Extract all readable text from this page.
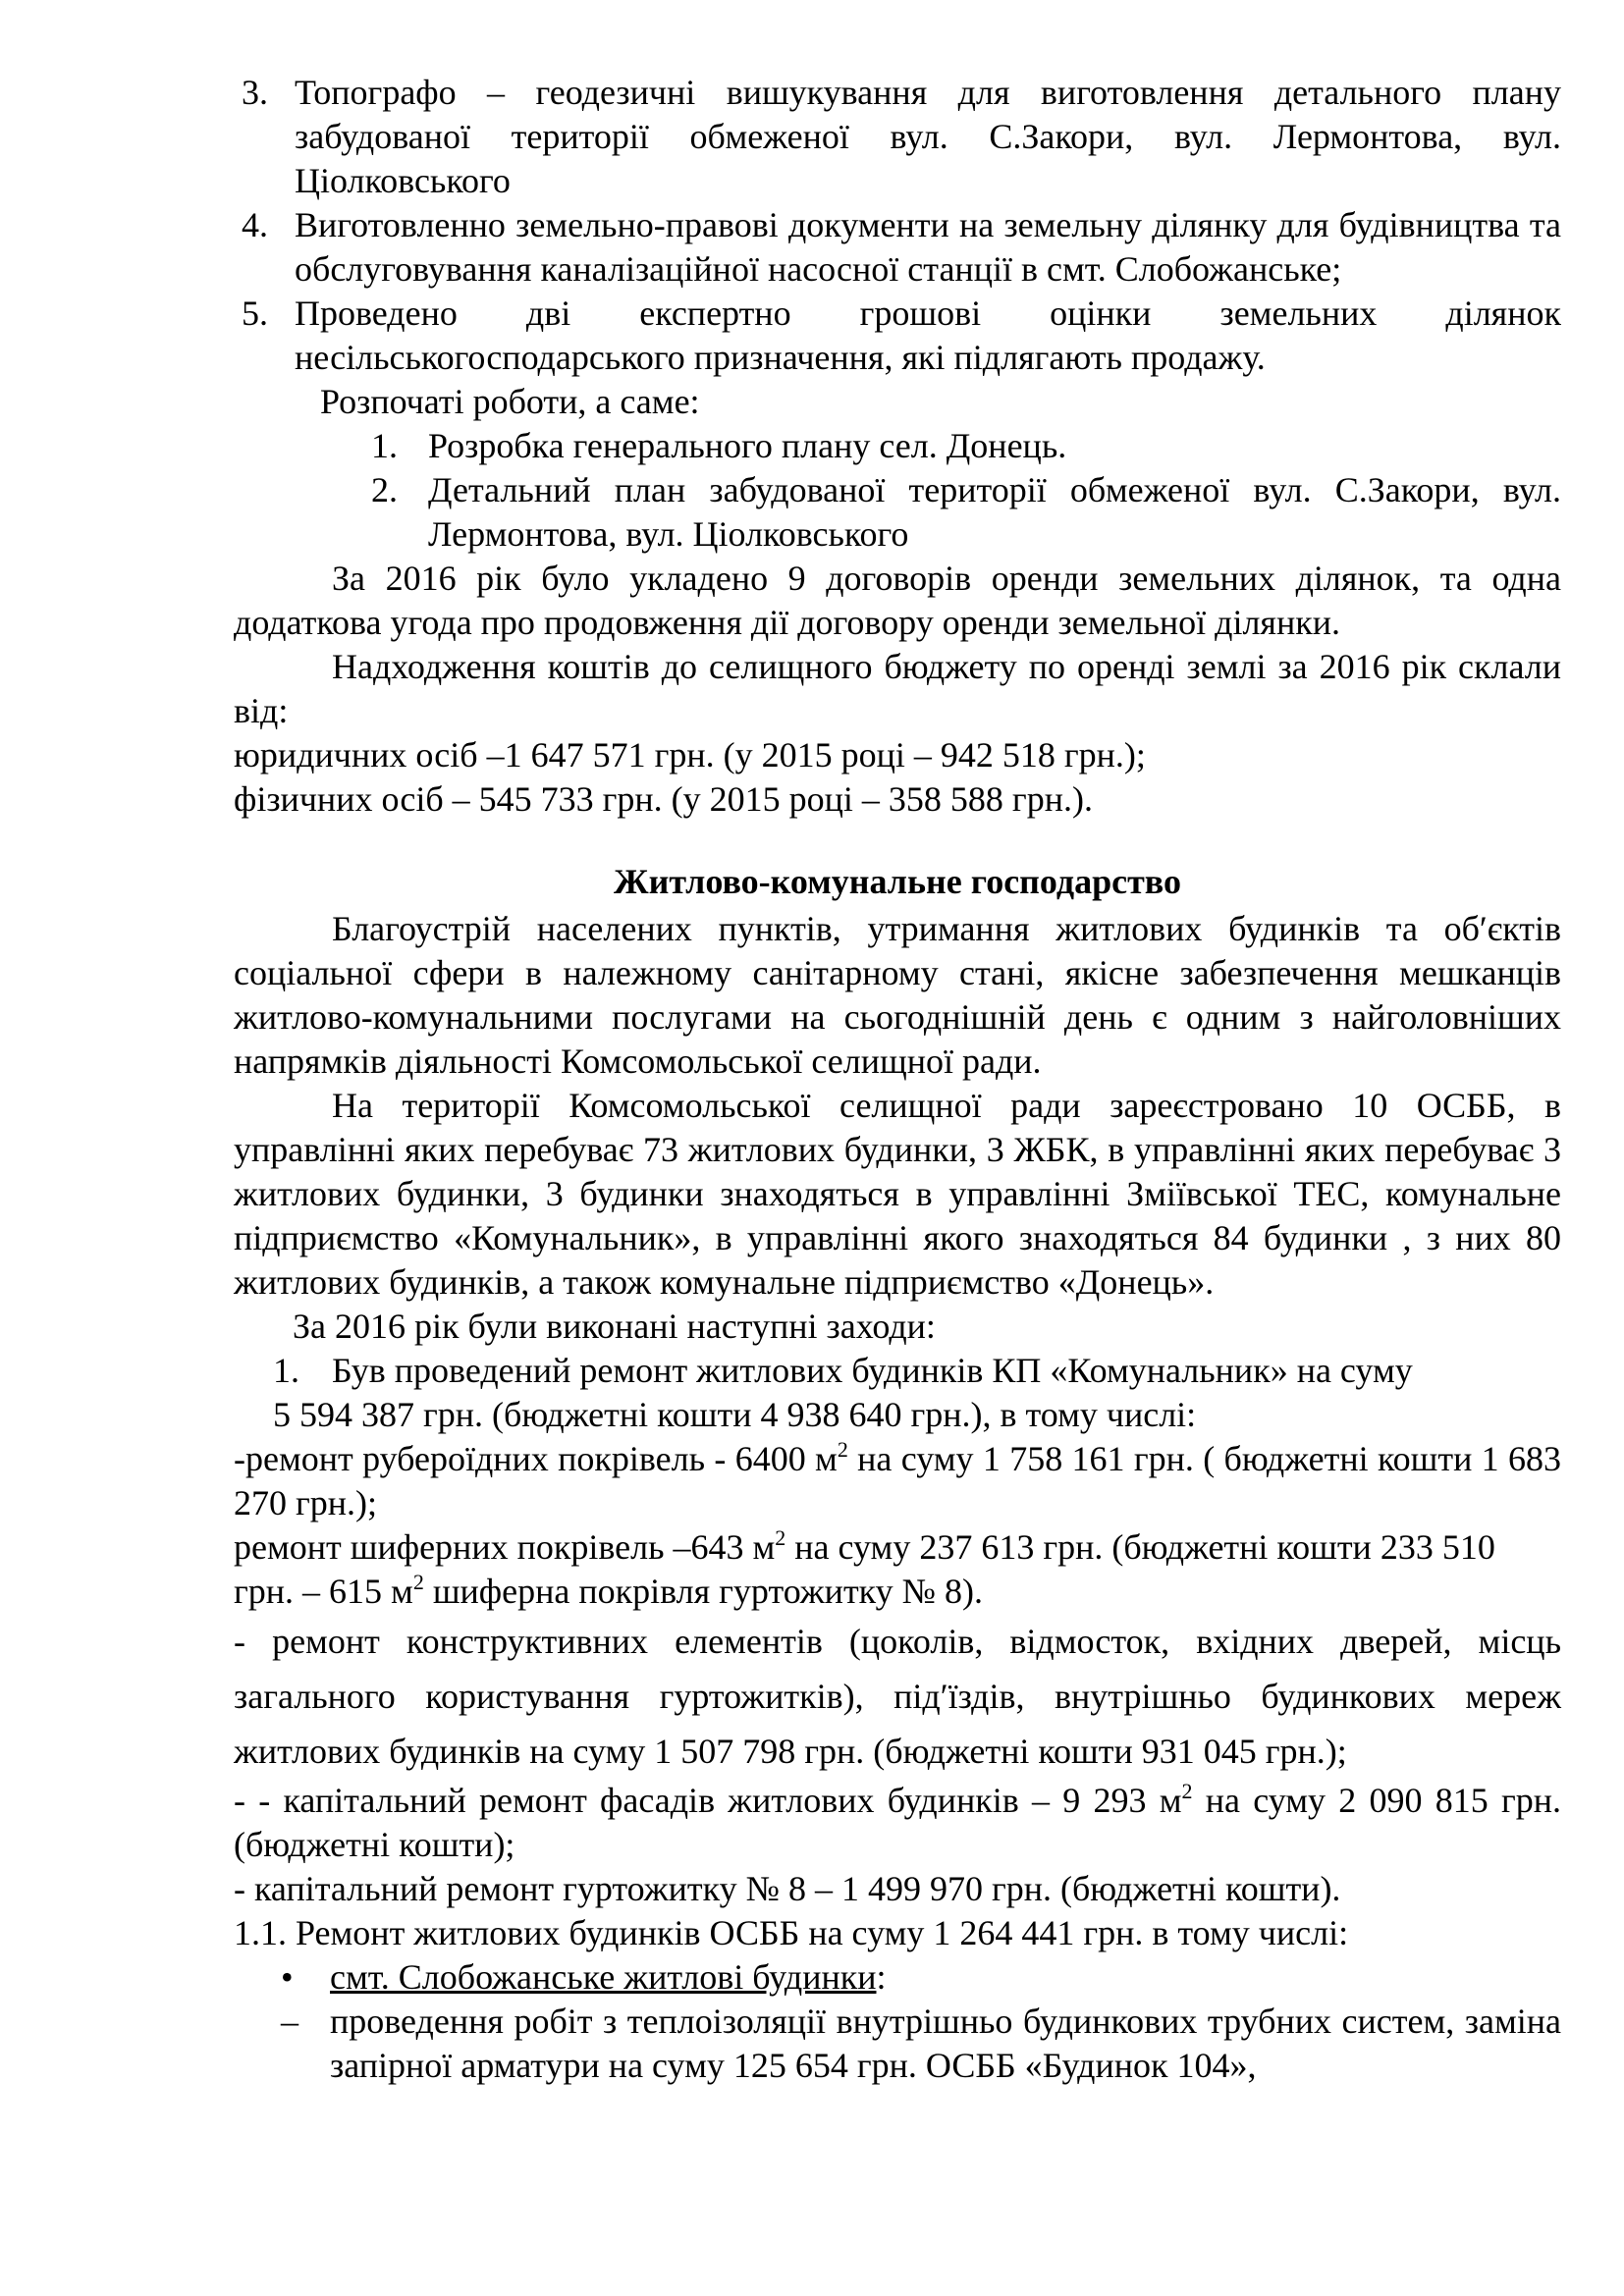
3. Топографо – геодезичні вишукування для виготовлення детального плану забудованої території обмеженої вул. С.Закори, вул. Лермонтова, вул. Ціолковського

4. Виготовленно земельно-правові документи на земельну ділянку для будівництва та обслуговування каналізаційної насосної станції в смт. Слобожанське;

5. Проведено дві експертно грошові оцінки земельних ділянок несільськогосподарського призначення, які підлягають продажу.

Розпочаті роботи, а саме:

1. Розробка генерального плану сел. Донець.

2. Детальний план забудованої території обмеженої вул. С.Закори, вул. Лермонтова, вул. Ціолковського

За 2016 рік було укладено 9 договорів оренди земельних ділянок, та одна додаткова угода про продовження дії договору оренди земельної ділянки.

Надходження коштів до селищного бюджету по оренді землі за 2016 рік склали від:

юридичних осіб –1 647 571 грн. (у 2015 році – 942 518 грн.);

фізичних осіб – 545 733 грн. (у 2015 році – 358 588 грн.).

Житлово-комунальне господарство

Благоустрій населених пунктів, утримання житлових будинків та об′єктів соціальної сфери в належному санітарному стані, якісне забезпечення мешканців житлово-комунальними послугами на сьогоднішній день є одним з найголовніших напрямків діяльності Комсомольської селищної ради.

На території Комсомольської селищної ради зареєстровано 10 ОСББ, в управлінні яких перебуває 73 житлових будинки, 3 ЖБК, в управлінні яких перебуває 3 житлових будинки, 3 будинки знаходяться в управлінні Зміївської ТЕС, комунальне підприємство «Комунальник», в управлінні якого знаходяться 84 будинки , з них 80 житлових будинків, а також комунальне підприємство «Донець».

За 2016 рік були виконані наступні заходи:

1. Був проведений ремонт житлових будинків КП «Комунальник» на суму

5 594 387 грн. (бюджетні кошти 4 938 640 грн.), в тому числі:

-ремонт рубероїдних покрівель - 6400 $м^2$ на суму 1 758 161 грн. ( бюджетні кошти 1 683 270 грн.);

ремонт шиферних покрівель –643 $м^2$ на суму 237 613 грн. (бюджетні кошти 233 510 грн. – 615 $м^2$ шиферна покрівля гуртожитку № 8).

- ремонт конструктивних елементів (цоколів, відмосток, вхідних дверей, місць загального користування гуртожитків), під′їздів, внутрішньо будинкових мереж житлових будинків на суму 1 507 798 грн. (бюджетні кошти 931 045 грн.);

- - капітальний ремонт фасадів житлових будинків – 9 293 $м^2$ на суму 2 090 815 грн. (бюджетні кошти);

- капітальний ремонт гуртожитку № 8 – 1 499 970 грн. (бюджетні кошти).

1.1. Ремонт житлових будинків ОСББ на суму 1 264 441 грн. в тому числі:

• смт. Слобожанське житлові будинки:

– проведення робіт з теплоізоляції внутрішньо будинкових трубних систем, заміна запірної арматури на суму 125 654 грн. ОСББ «Будинок 104»,
